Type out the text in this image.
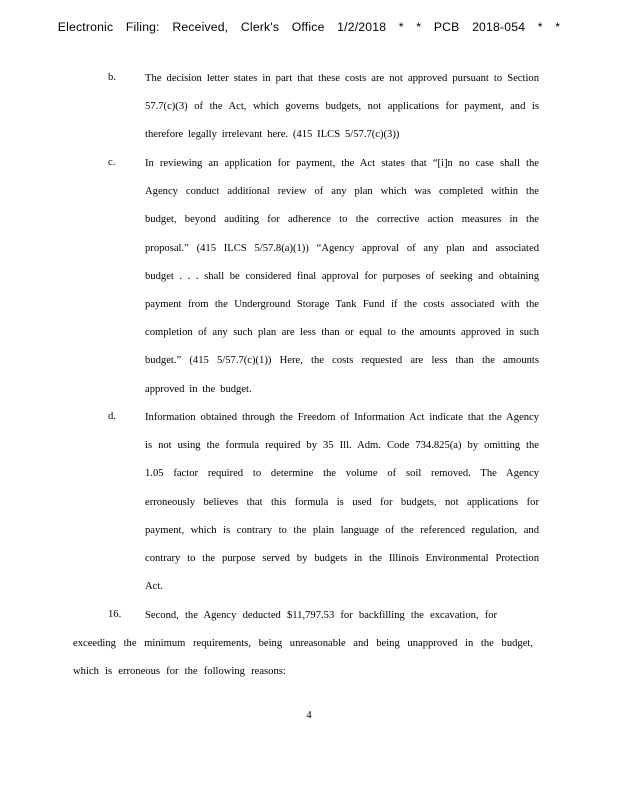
Electronic Filing: Received, Clerk's Office 1/2/2018 * * PCB 2018-054 * *
b.	The decision letter states in part that these costs are not approved pursuant to Section 57.7(c)(3) of the Act, which governs budgets, not applications for payment, and is therefore legally irrelevant here. (415 ILCS 5/57.7(c)(3))
c.	In reviewing an application for payment, the Act states that “[i]n no case shall the Agency conduct additional review of any plan which was completed within the budget, beyond auditing for adherence to the corrective action measures in the proposal.” (415 ILCS 5/57.8(a)(1)) “Agency approval of any plan and associated budget . . . shall be considered final approval for purposes of seeking and obtaining payment from the Underground Storage Tank Fund if the costs associated with the completion of any such plan are less than or equal to the amounts approved in such budget.” (415 5/57.7(c)(1)) Here, the costs requested are less than the amounts approved in the budget.
d.	Information obtained through the Freedom of Information Act indicate that the Agency is not using the formula required by 35 Ill. Adm. Code 734.825(a) by omitting the 1.05 factor required to determine the volume of soil removed. The Agency erroneously believes that this formula is used for budgets, not applications for payment, which is contrary to the plain language of the referenced regulation, and contrary to the purpose served by budgets in the Illinois Environmental Protection Act.
16. Second, the Agency deducted $11,797.53 for backfilling the excavation, for
exceeding the minimum requirements, being unreasonable and being unapproved in the budget, which is erroneous for the following reasons:
4
